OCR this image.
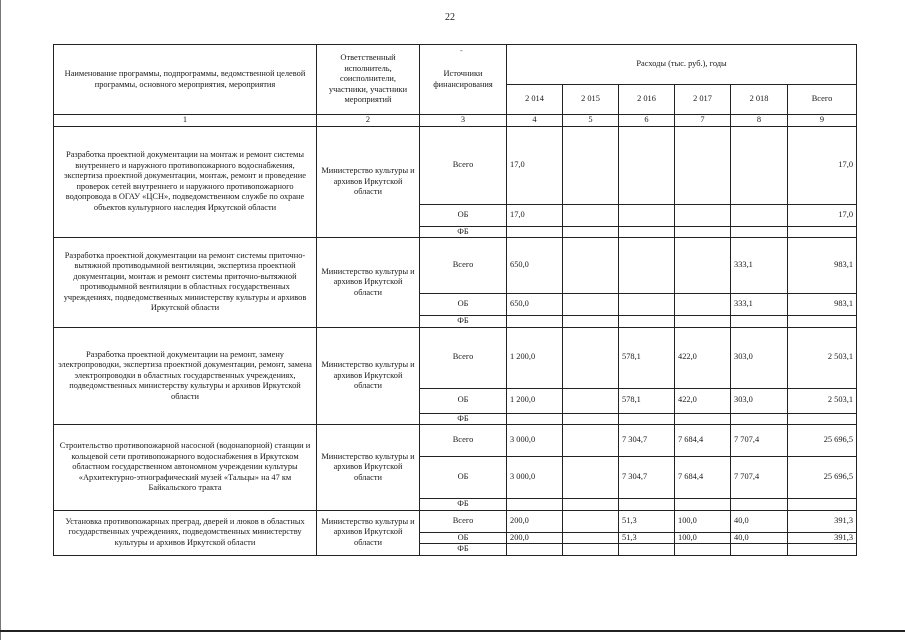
22
-
Наименование программы, подпрограммы, ведомственной целевой программы, основного мероприятия, мероприятия	Ответственный исполнитель, соисполнители, участники, участники мероприятий	Источники финансирования	Расходы (тыс. руб.), годы					
			2 014	2 015	2 016	2 017	2 018	Всего
1	2	3	4	5	6	7	8	9
Разработка проектной документации на монтаж и ремонт системы внутреннего и наружного противопожарного водоснабжения, экспертиза проектной документации, монтаж, ремонт и проведение проверок сетей внутреннего и наружного противопожарного водопровода в ОГАУ «ЦСН», подведомственном службе по охране объектов культурного наследия Иркутской области	Министерство культуры и архивов Иркутской области	Всего	17,0					17,0
		ОБ	17,0					17,0
		ФБ						
Разработка проектной документации на ремонт системы приточно-вытяжной противодымной вентиляции, экспертиза проектной документации, монтаж и ремонт системы приточно-вытяжной противодымной вентиляции в областных государственных учреждениях, подведомственных министерству культуры и архивов Иркутской области	Министерство культуры и архивов Иркутской области	Всего	650,0				333,1	983,1
		ОБ	650,0				333,1	983,1
		ФБ						
Разработка проектной документации на ремонт, замену электропроводки, экспертиза проектной документации, ремонт, замена электропроводки в областных государственных учреждениях, подведомственных министерству культуры и архивов Иркутской области	Министерство культуры и архивов Иркутской области	Всего	1 200,0		578,1	422,0	303,0	2 503,1
		ОБ	1 200,0		578,1	422,0	303,0	2 503,1
		ФБ						
Строительство противопожарной насосной (водонапорной) станции и кольцевой сети противопожарного водоснабжения в Иркутском областном государственном автономном учреждении культуры «Архитектурно-этнографический музей «Тальцы» на 47 км Байкальского тракта	Министерство культуры и архивов Иркутской области	Всего	3 000,0		7 304,7	7 684,4	7 707,4	25 696,5
		ОБ	3 000,0		7 304,7	7 684,4	7 707,4	25 696,5
		ФБ						
Установка противопожарных преград, дверей и люков в областных государственных учреждениях, подведомственных министерству культуры и архивов Иркутской области	Министерство культуры и архивов Иркутской области	Всего	200,0		51,3	100,0	40,0	391,3
		ОБ	200,0		51,3	100,0	40,0	391,3
		ФБ						
